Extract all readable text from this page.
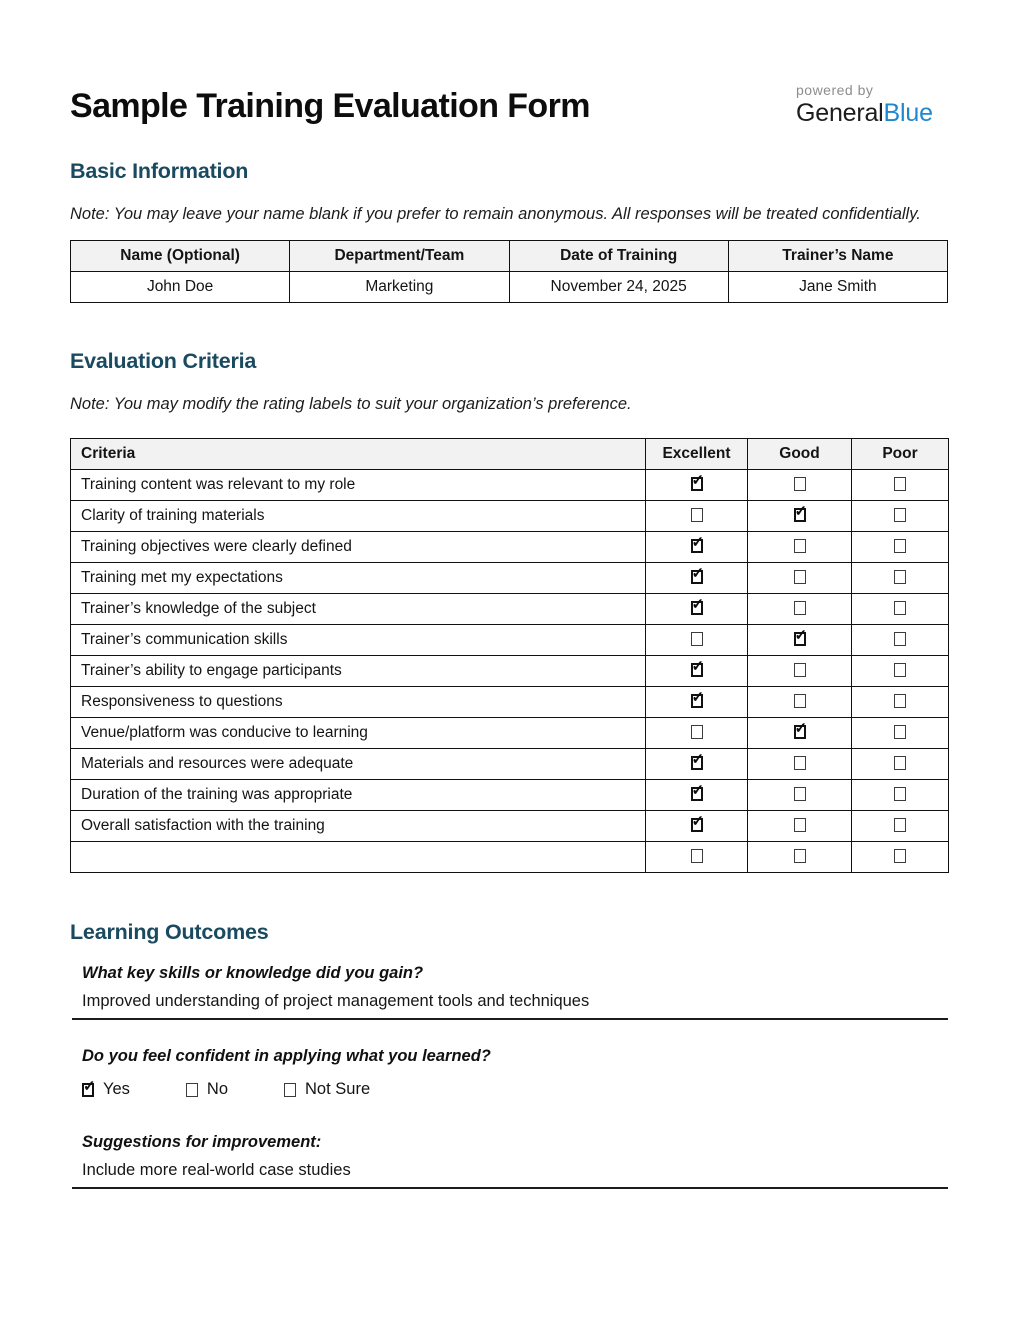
Sample Training Evaluation Form	powered by
GeneralBlue
Basic Information

Note: You may leave your name blank if you prefer to remain anonymous. All responses will be treated confidentially.

Name (Optional)	Department/Team	Date of Training	Trainer’s Name
John Doe	Marketing	November 24, 2025	Jane Smith
Evaluation Criteria

Note: You may modify the rating labels to suit your organization’s preference.

Criteria	Excellent	Good	Poor
Training content was relevant to my role	✓		
Clarity of training materials		✓	
Training objectives were clearly defined	✓		
Training met my expectations	✓		
Trainer’s knowledge of the subject	✓		
Trainer’s communication skills		✓	
Trainer’s ability to engage participants	✓		
Responsiveness to questions	✓		
Venue/platform was conducive to learning		✓	
Materials and resources were adequate	✓		
Duration of the training was appropriate	✓		
Overall satisfaction with the training	✓		

Learning Outcomes

What key skills or knowledge did you gain?

Improved understanding of project management tools and techniques

Do you feel confident in applying what you learned?

✓
Yes	No	Not Sure

Suggestions for improvement:

Include more real-world case studies
